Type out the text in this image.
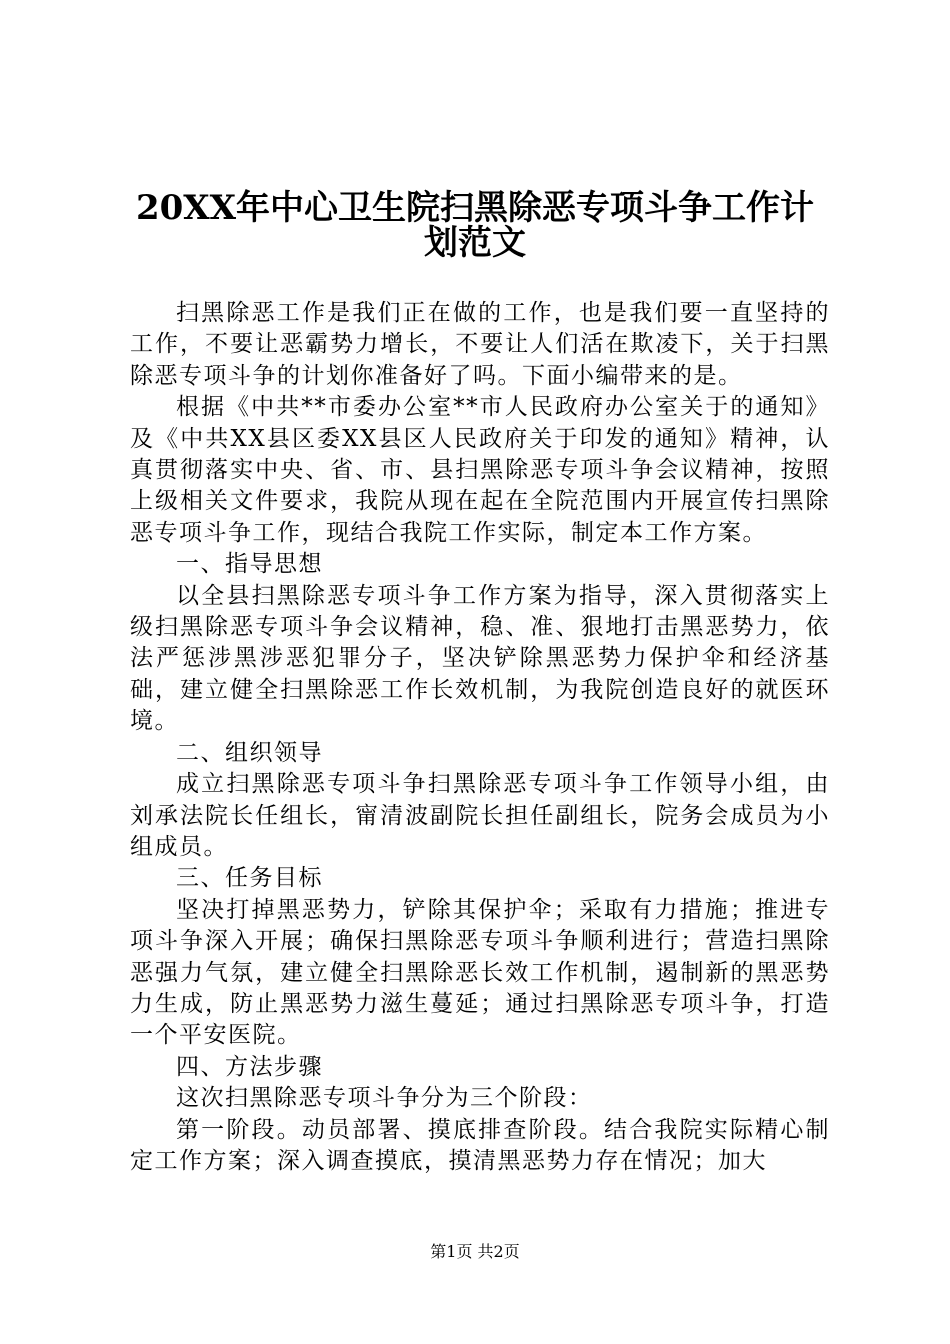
20XX年中心卫生院扫黑除恶专项斗争工作计
划范文

扫黑除恶工作是我们正在做的工作，也是我们要一直坚持的工作，不要让恶霸势力增长，不要让人们活在欺凌下，关于扫黑除恶专项斗争的计划你准备好了吗。下面小编带来的是。

根据《中共**市委办公室**市人民政府办公室关于的通知》及《中共XX县区委XX县区人民政府关于印发的通知》精神，认真贯彻落实中央、省、市、县扫黑除恶专项斗争会议精神，按照上级相关文件要求，我院从现在起在全院范围内开展宣传扫黑除恶专项斗争工作，现结合我院工作实际，制定本工作方案。

一、指导思想

以全县扫黑除恶专项斗争工作方案为指导，深入贯彻落实上级扫黑除恶专项斗争会议精神，稳、准、狠地打击黑恶势力，依法严惩涉黑涉恶犯罪分子，坚决铲除黑恶势力保护伞和经济基础，建立健全扫黑除恶工作长效机制，为我院创造良好的就医环境。

二、组织领导

成立扫黑除恶专项斗争扫黑除恶专项斗争工作领导小组，由刘承法院长任组长，甯清波副院长担任副组长，院务会成员为小组成员。

三、任务目标

坚决打掉黑恶势力，铲除其保护伞；采取有力措施；推进专项斗争深入开展；确保扫黑除恶专项斗争顺利进行；营造扫黑除恶强力气氛，建立健全扫黑除恶长效工作机制，遏制新的黑恶势力生成，防止黑恶势力滋生蔓延；通过扫黑除恶专项斗争，打造一个平安医院。

四、方法步骤

这次扫黑除恶专项斗争分为三个阶段：

第一阶段。动员部署、摸底排查阶段。结合我院实际精心制定工作方案；深入调查摸底，摸清黑恶势力存在情况；加大

第1页 共2页
